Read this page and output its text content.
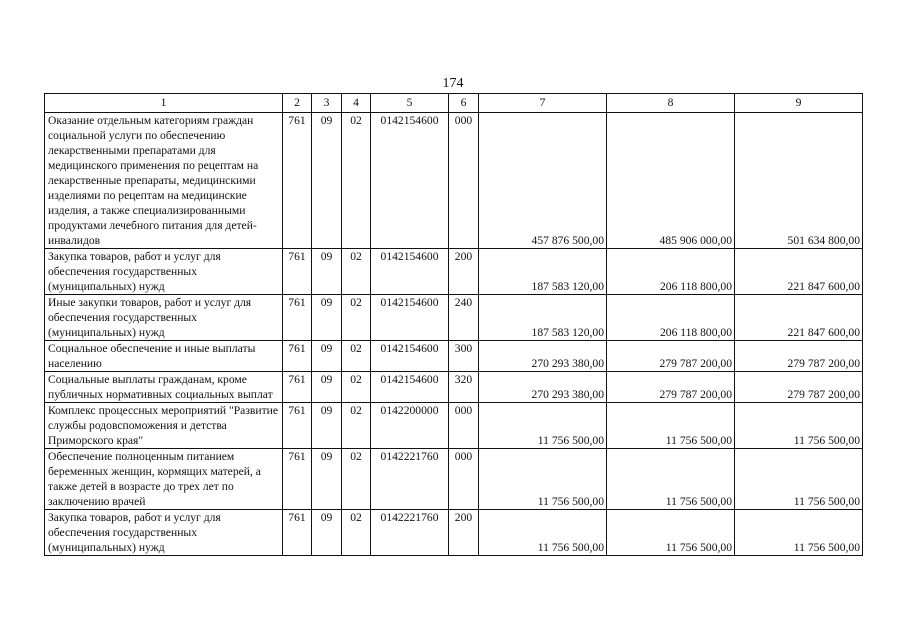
174
1	2	3	4	5	6	7	8	9
Оказание отдельным категориям граждан социальной услуги по обеспечению лекарственными препаратами для медицинского применения по рецептам на лекарственные препараты, медицинскими изделиями по рецептам на медицинские изделия, а также специализированными продуктами лечебного питания для детей-инвалидов	761	09	02	0142154600	000	457 876 500,00	485 906 000,00	501 634 800,00
Закупка товаров, работ и услуг для обеспечения государственных (муниципальных) нужд	761	09	02	0142154600	200	187 583 120,00	206 118 800,00	221 847 600,00
Иные закупки товаров, работ и услуг для обеспечения государственных (муниципальных) нужд	761	09	02	0142154600	240	187 583 120,00	206 118 800,00	221 847 600,00
Социальное обеспечение и иные выплаты населению	761	09	02	0142154600	300	270 293 380,00	279 787 200,00	279 787 200,00
Социальные выплаты гражданам, кроме публичных нормативных социальных выплат	761	09	02	0142154600	320	270 293 380,00	279 787 200,00	279 787 200,00
Комплекс процессных мероприятий "Развитие службы родовспоможения и детства Приморского края"	761	09	02	0142200000	000	11 756 500,00	11 756 500,00	11 756 500,00
Обеспечение полноценным питанием беременных женщин, кормящих матерей, а также детей в возрасте до трех лет по заключению врачей	761	09	02	0142221760	000	11 756 500,00	11 756 500,00	11 756 500,00
Закупка товаров, работ и услуг для обеспечения государственных (муниципальных) нужд	761	09	02	0142221760	200	11 756 500,00	11 756 500,00	11 756 500,00
